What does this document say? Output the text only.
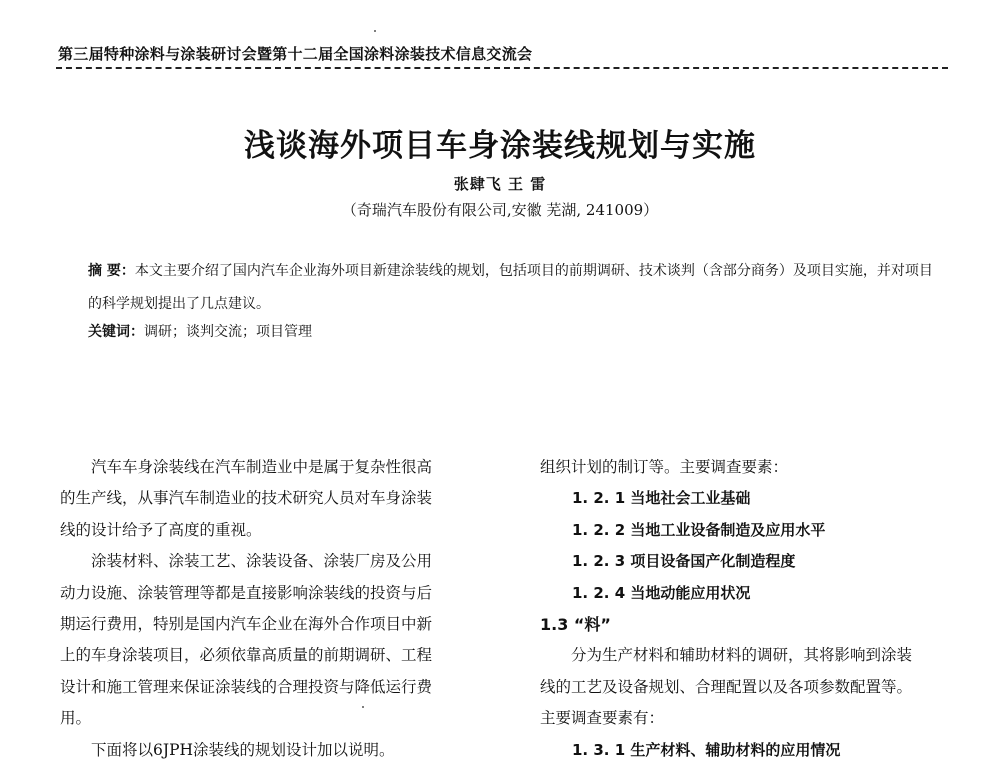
第三届特种涂料与涂装研讨会暨第十二届全国涂料涂装技术信息交流会
浅谈海外项目车身涂装线规划与实施
张肆飞 王 雷
（奇瑞汽车股份有限公司,安徽 芜湖, 241009）
摘 要：本文主要介绍了国内汽车企业海外项目新建涂装线的规划，包括项目的前期调研、技术谈判（含部分商务）及项目实施，并对项目的科学规划提出了几点建议。
关键词：调研；谈判交流；项目管理
汽车车身涂装线在汽车制造业中是属于复杂性很高
的生产线，从事汽车制造业的技术研究人员对车身涂装
线的设计给予了高度的重视。
涂装材料、涂装工艺、涂装设备、涂装厂房及公用
动力设施、涂装管理等都是直接影响涂装线的投资与后
期运行费用，特别是国内汽车企业在海外合作项目中新
上的车身涂装项目，必须依靠高质量的前期调研、工程
设计和施工管理来保证涂装线的合理投资与降低运行费
用。
下面将以6JPH涂装线的规划设计加以说明。
组织计划的制订等。主要调查要素：
1. 2. 1 当地社会工业基础
1. 2. 2 当地工业设备制造及应用水平
1. 2. 3 项目设备国产化制造程度
1. 2. 4 当地动能应用状况
1.3 “料”
分为生产材料和辅助材料的调研，其将影响到涂装
线的工艺及设备规划、合理配置以及各项参数配置等。
主要调查要素有：
1. 3. 1 生产材料、辅助材料的应用情况
